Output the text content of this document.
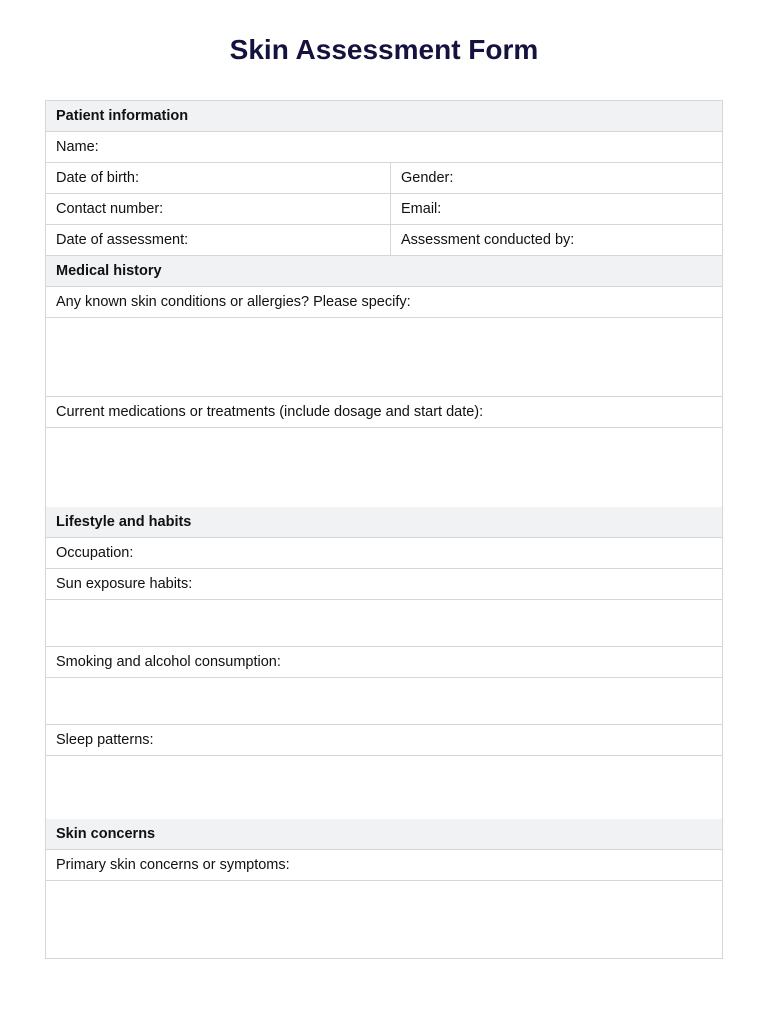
Skin Assessment Form
Patient information
Name:
Date of birth:	Gender:
Contact number:	Email:
Date of assessment:	Assessment conducted by:
Medical history
Any known skin conditions or allergies? Please specify:
Current medications or treatments (include dosage and start date):
Lifestyle and habits
Occupation:
Sun exposure habits:
Smoking and alcohol consumption:
Sleep patterns:
Skin concerns
Primary skin concerns or symptoms:
